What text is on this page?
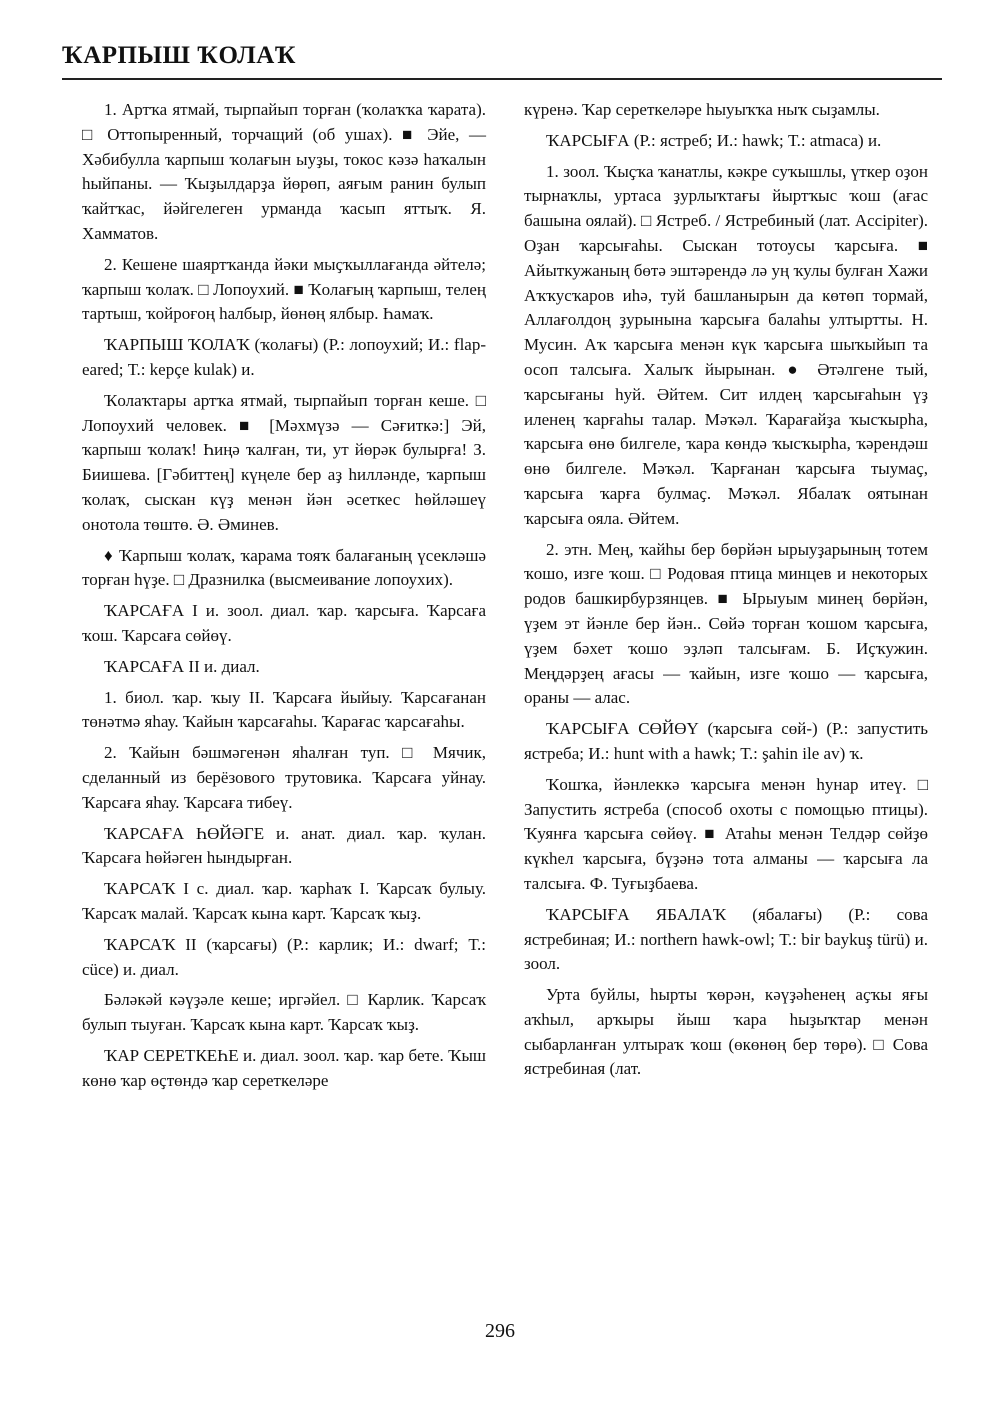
ҠАРПЫШ ҠОЛАҠ

1. Артҡа ятмай, тырпайып торған (ҡолаҡҡа ҡарата). □ Оттопыренный, торчащий (об ушах). ■ Эйе, — Хәбибулла ҡарпыш ҡолағын ыуҙы, токос кәзә һаҡалын һыйпаны. — Ҡыҙылдарҙа йөрөп, аяғым ранин булып ҡайтҡас, йәйгелеген урманда ҡасып яттыҡ. Я. Хамматов.

2. Кешене шаяртҡанда йәки мыҫҡыллағанда әйтелә; ҡарпыш ҡолаҡ. □ Лопоухий. ■ Ҡолағың ҡарпыш, телең тартыш, ҡойроғоң һалбыр, йөнөң ялбыр. Һамаҡ.

ҠАРПЫШ ҠОЛАҠ (ҡолағы) (Р.: лопоухий; И.: flap-eared; Т.: kepçe kulak) и.

Ҡолаҡтары артҡа ятмай, тырпайып торған кеше. □ Лопоухий человек. ■ [Мәхмүзә — Сәғиткә:] Эй, ҡарпыш ҡолаҡ! Һиңә ҡалған, ти, ут йөрәк булырға! З. Биишева. [Гәбиттең] күңеле бер аҙ һилләнде, ҡарпыш ҡолаҡ, сыскан күҙ менән йән әсеткес һөйләшеү онотола төштө. Ә. Әминев.

♦ Ҡарпыш ҡолаҡ, ҡарама тояҡ балағаның үсекләшә торған һүҙе. □ Дразнилка (высмеивание лопоухих).

ҠАРСАҒА I и. зоол. диал. ҡар. ҡарсыға. Ҡарсаға ҡош. Ҡарсаға сөйөү.

ҠАРСАҒА II и. диал.

1. биол. ҡар. ҡыу II. Ҡарсаға йыйыу. Ҡарсағанан төнәтмә яһау. Ҡайын ҡарсағаһы. Ҡарағас ҡарсағаһы.

2. Ҡайын бәшмәгенән яһалған туп. □ Мячик, сделанный из берёзового трутовика. Ҡарсаға уйнау. Ҡарсаға яһау. Ҡарсаға тибеү.

ҠАРСАҒА ҺӨЙӘГЕ и. анат. диал. ҡар. ҡулан. Ҡарсаға һөйәген һындырған.

ҠАРСАҠ I с. диал. ҡар. ҡарһаҡ I. Ҡарсаҡ булыу. Ҡарсаҡ малай. Ҡарсаҡ кына карт. Ҡарсаҡ ҡыҙ.

ҠАРСАҠ II (ҡарсағы) (Р.: карлик; И.: dwarf; Т.: cüce) и. диал.

Бәләкәй кәүҙәле кеше; иргәйел. □ Карлик. Ҡарсаҡ булып тыуған. Ҡарсаҡ кына карт. Ҡарсаҡ ҡыҙ.

ҠАР СЕРЕТКЕҺЕ и. диал. зоол. ҡар. ҡар бете. Ҡыш көнө ҡар өҫтөндә ҡар сереткеләре

күренә. Ҡар сереткеләре һыуыҡҡа ныҡ сыҙамлы.

ҠАРСЫҒА (Р.: ястреб; И.: hawk; Т.: atmaca) и.

1. зоол. Ҡыҫҡа ҡанатлы, кәкре суҡышлы, үткер оҙон тырнаҡлы, уртаса ҙурлыҡтағы йыртҡыс ҡош (ағас башына оялай). □ Ястреб. / Ястребиный (лат. Accipiter). Оҙан ҡарсығаһы. Сыскан тотоусы ҡарсыға. ■ Айыткужаның бөтә эштәрендә лә уң ҡулы булған Хажи Аҡҡусҡаров иһә, туй башланырын да көтөп тормай, Аллағолдоң ҙурынына ҡарсыға балаһы ултыртты. Н. Мусин. Аҡ ҡарсыға менән күк ҡарсыға шыҡыйып та осоп талсыға. Халыҡ йырынан. ● Әтәлгене тый, ҡарсығаны һуй. Әйтем. Сит илдең ҡарсығаһын үҙ иленең ҡарғаһы талар. Мәҡәл. Ҡарағайҙа ҡысҡырһа, ҡарсыға өнө билгеле, ҡара көндә ҡысҡырһа, ҡәрендәш өнө билгеле. Мәҡәл. Ҡарғанан ҡарсыға тыумаҫ, ҡарсыға ҡарға булмаҫ. Мәҡәл. Ябалаҡ оятынан ҡарсыға ояла. Әйтем.

2. этн. Мең, ҡайһы бер бөрйән ырыуҙарының тотем ҡошо, изге ҡош. □ Родовая птица минцев и некоторых родов башкирбурзянцев. ■ Ырыуым минең бөрйән, үҙем эт йәнле бер йән.. Сөйә торған ҡошом ҡарсыға, үҙем бәхет ҡошо эҙләп талсығам. Б. Иҫҡужин. Меңдәрҙең ағасы — ҡайын, изге ҡошо — ҡарсыға, ораны — алас.

ҠАРСЫҒА СӨЙӨҮ (ҡарсыға сөй-) (Р.: запустить ястреба; И.: hunt with a hawk; Т.: şahin ile av) ҡ.

Ҡошҡа, йәнлеккә ҡарсыға менән һунар итеү. □ Запустить ястреба (способ охоты с помощью птицы). Ҡуянға ҡарсыға сөйөү. ■ Атаһы менән Телдәр сөйҙө күкһел ҡарсыға, бүҙәнә тота алманы — ҡарсыға ла талсыға. Ф. Туғыҙбаева.

ҠАРСЫҒА ЯБАЛАҠ (ябалағы) (Р.: сова ястребиная; И.: northern hawk-owl; Т.: bir baykuş türü) и. зоол.

Урта буйлы, һырты ҡөрән, кәүҙәһенең аҫҡы яғы аҡһыл, арҡыры йыш ҡара һыҙыҡтар менән сыбарланған ултыраҡ ҡош (өкөнөң бер төрө). □ Сова ястребиная (лат.

296
